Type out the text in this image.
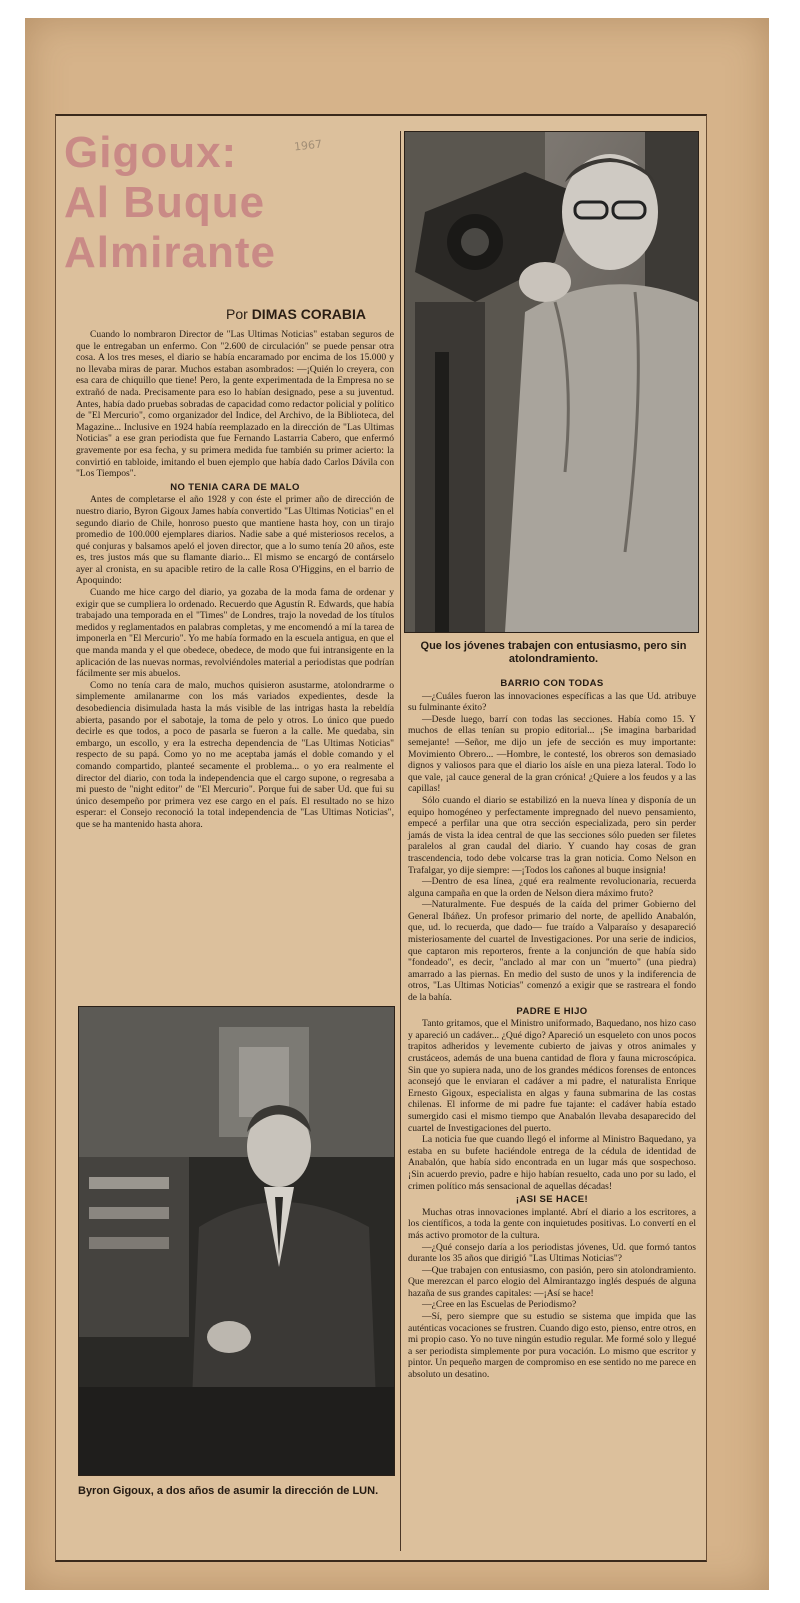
Gigoux:
Al Buque
Almirante
1967
Por DIMAS CORABIA

Cuando lo nombraron Director de "Las Ultimas Noticias" estaban seguros de que le entregaban un enfermo. Con "2.600 de circulación" se puede pensar otra cosa. A los tres meses, el diario se había encaramado por encima de los 15.000 y no llevaba miras de parar. Muchos estaban asombrados: —¡Quién lo creyera, con esa cara de chiquillo que tiene! Pero, la gente experimentada de la Empresa no se extrañó de nada. Precisamente para eso lo habían designado, pese a su juventud. Antes, había dado pruebas sobradas de capacidad como redactor policial y político de "El Mercurio", como organizador del Indice, del Archivo, de la Biblioteca, del Magazine... Inclusive en 1924 había reemplazado en la dirección de "Las Ultimas Noticias" a ese gran periodista que fue Fernando Lastarria Cabero, que enfermó gravemente por esa fecha, y su primera medida fue también su primer acierto: la convirtió en tabloide, imitando el buen ejemplo que había dado Carlos Dávila con "Los Tiempos".

NO TENIA CARA DE MALO

Antes de completarse el año 1928 y con éste el primer año de dirección de nuestro diario, Byron Gigoux James había convertido "Las Ultimas Noticias" en el segundo diario de Chile, honroso puesto que mantiene hasta hoy, con un tirajo promedio de 100.000 ejemplares diarios. Nadie sabe a qué misteriosos recelos, a qué conjuras y balsamos apeló el joven director, que a lo sumo tenía 20 años, este es, tres justos más que su flamante diario... El mismo se encargó de contárselo ayer al cronista, en su apacible retiro de la calle Rosa O'Higgins, en el barrio de Apoquindo:

Cuando me hice cargo del diario, ya gozaba de la moda fama de ordenar y exigir que se cumpliera lo ordenado. Recuerdo que Agustín R. Edwards, que había trabajado una temporada en el "Times" de Londres, trajo la novedad de los títulos medidos y reglamentados en palabras completas, y me encomendó a mí la tarea de imponerla en "El Mercurio". Yo me había formado en la escuela antigua, en que el que manda manda y el que obedece, obedece, de modo que fui intransigente en la aplicación de las nuevas normas, revolviéndoles material a periodistas que podrían fácilmente ser mis abuelos.

Como no tenía cara de malo, muchos quisieron asustarme, atolondrarme o simplemente amilanarme con los más variados expedientes, desde la desobediencia disimulada hasta la más visible de las intrigas hasta la rebeldía abierta, pasando por el sabotaje, la toma de pelo y otros. Lo único que puedo decirle es que todos, a poco de pasarla se fueron a la calle. Me quedaba, sin embargo, un escollo, y era la estrecha dependencia de "Las Ultimas Noticias" respecto de su papá. Como yo no me aceptaba jamás el doble comando y el comando compartido, planteé secamente el problema... o yo era realmente el director del diario, con toda la independencia que el cargo supone, o regresaba a mi puesto de "night editor" de "El Mercurio". Porque fui de saber Ud. que fui su único desempeño por primera vez ese cargo en el país. El resultado no se hizo esperar: el Consejo reconoció la total independencia de "Las Ultimas Noticias", que se ha mantenido hasta ahora.

Que los jóvenes trabajen con entusiasmo, pero sin atolondramiento.
BARRIO CON TODAS

—¿Cuáles fueron las innovaciones específicas a las que Ud. atribuye su fulminante éxito?

—Desde luego, barrí con todas las secciones. Había como 15. Y muchos de ellas tenían su propio editorial... ¡Se imagina barbaridad semejante! —Señor, me dijo un jefe de sección es muy importante: Movimiento Obrero... —Hombre, le contesté, los obreros son demasiado dignos y valiosos para que el diario los aísle en una pieza lateral. Todo lo que vale, ¡al cauce general de la gran crónica! ¿Quiere a los feudos y a las capillas!

Sólo cuando el diario se estabilizó en la nueva línea y disponía de un equipo homogéneo y perfectamente impregnado del nuevo pensamiento, empecé a perfilar una que otra sección especializada, pero sin perder jamás de vista la idea central de que las secciones sólo pueden ser filetes paralelos al gran caudal del diario. Y cuando hay cosas de gran trascendencia, todo debe volcarse tras la gran noticia. Como Nelson en Trafalgar, yo dije siempre: —¡Todos los cañones al buque insignia!

—Dentro de esa línea, ¿qué era realmente revolucionaria, recuerda alguna campaña en que la orden de Nelson diera máximo fruto?

—Naturalmente. Fue después de la caída del primer Gobierno del General Ibáñez. Un profesor primario del norte, de apellido Anabalón, que, ud. lo recuerda, que dado— fue traído a Valparaíso y desapareció misteriosamente del cuartel de Investigaciones. Por una serie de indicios, que captaron mis reporteros, frente a la conjunción de que había sido "fondeado", es decir, "anclado al mar con un "muerto" (una piedra) amarrado a las piernas. En medio del susto de unos y la indiferencia de otros, "Las Ultimas Noticias" comenzó a exigir que se rastreara el fondo de la bahía.

PADRE E HIJO

Tanto gritamos, que el Ministro uniformado, Baquedano, nos hizo caso y apareció un cadáver... ¿Qué digo? Apareció un esqueleto con unos pocos trapitos adheridos y levemente cubierto de jaivas y otros animales y crustáceos, además de una buena cantidad de flora y fauna microscópica. Sin que yo supiera nada, uno de los grandes médicos forenses de entonces aconsejó que le enviaran el cadáver a mi padre, el naturalista Enrique Ernesto Gigoux, especialista en algas y fauna submarina de las costas chilenas. El informe de mi padre fue tajante: el cadáver había estado sumergido casi el mismo tiempo que Anabalón llevaba desaparecido del cuartel de Investigaciones del puerto.

La noticia fue que cuando llegó el informe al Ministro Baquedano, ya estaba en su bufete haciéndole entrega de la cédula de identidad de Anabalón, que había sido encontrada en un lugar más que sospechoso. ¡Sin acuerdo previo, padre e hijo habían resuelto, cada uno por su lado, el crimen político más sensacional de aquellas décadas!

¡ASI SE HACE!

Muchas otras innovaciones implanté. Abrí el diario a los escritores, a los científicos, a toda la gente con inquietudes positivas. Lo convertí en el más activo promotor de la cultura.

—¿Qué consejo daría a los periodistas jóvenes, Ud. que formó tantos durante los 35 años que dirigió "Las Ultimas Noticias"?

—Que trabajen con entusiasmo, con pasión, pero sin atolondramiento. Que merezcan el parco elogio del Almirantazgo inglés después de alguna hazaña de sus grandes capitales: —¡Así se hace!

—¿Cree en las Escuelas de Periodismo?

—Sí, pero siempre que su estudio se sistema que impida que las auténticas vocaciones se frustren. Cuando digo esto, pienso, entre otros, en mi propio caso. Yo no tuve ningún estudio regular. Me formé solo y llegué a ser periodista simplemente por pura vocación. Lo mismo que escritor y pintor. Un pequeño margen de compromiso en ese sentido no me parece en absoluto un desatino.

Byron Gigoux, a dos años de asumir la dirección de LUN.
